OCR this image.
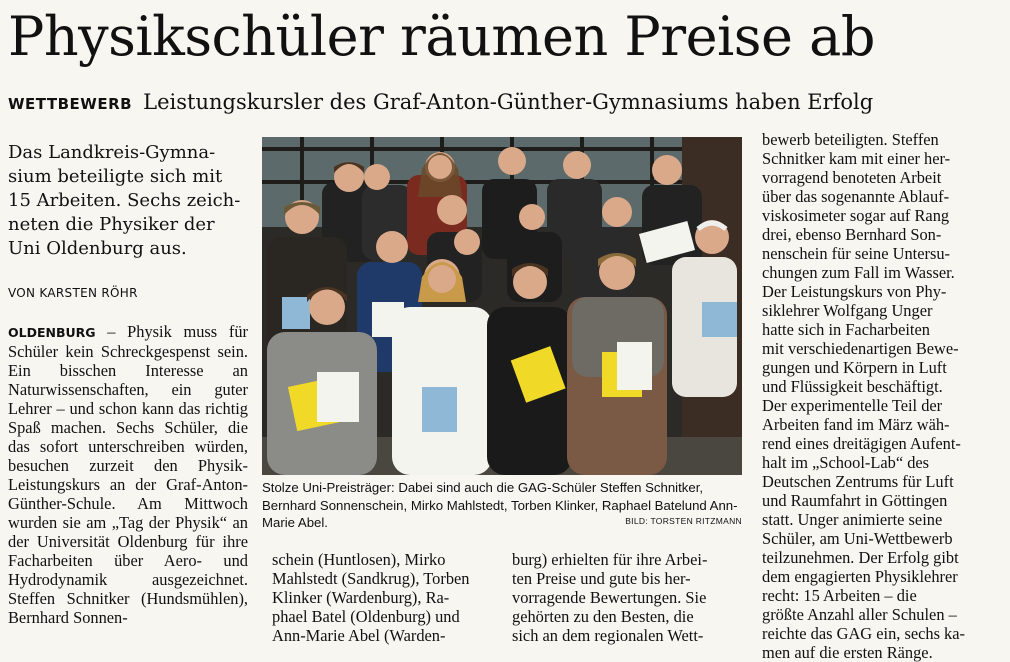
Physikschüler räumen Preise ab
WETTBEWERB Leistungskursler des Graf-Anton-Günther-Gymnasiums haben Erfolg
Das Landkreis-Gymna-
sium beteiligte sich mit
15 Arbeiten. Sechs zeich-
neten die Physiker der
Uni Oldenburg aus.
VON KARSTEN RÖHR
OLDENBURG – Physik muss für Schüler kein Schreckgespenst sein. Ein bisschen Interesse an Naturwissenschaften, ein guter Lehrer – und schon kann das richtig Spaß machen. Sechs Schüler, die das sofort unterschreiben würden, besuchen zurzeit den Physik-Leistungskurs an der Graf-Anton-Günther-Schule. Am Mittwoch wurden sie am „Tag der Physik“ an der Universität Oldenburg für ihre Facharbeiten über Aero- und Hydrodynamik ausgezeichnet. Steffen Schnitker (Hundsmühlen), Bernhard Sonnen-
Stolze Uni-Preisträger: Dabei sind auch die GAG-Schüler Steffen Schnitker, Bernhard Sonnenschein, Mirko Mahlstedt, Torben Klinker, Raphael Batelund Ann-Marie Abel.	BILD: TORSTEN RITZMANN
schein (Huntlosen), Mirko
Mahlstedt (Sandkrug), Torben
Klinker (Wardenburg), Ra-
phael Batel (Oldenburg) und
Ann-Marie Abel (Warden-
burg) erhielten für ihre Arbei-
ten Preise und gute bis her-
vorragende Bewertungen. Sie
gehörten zu den Besten, die
sich an dem regionalen Wett-
bewerb beteiligten. Steffen
Schnitker kam mit einer her-
vorragend benoteten Arbeit
über das sogenannte Ablauf-
viskosimeter sogar auf Rang
drei, ebenso Bernhard Son-
nenschein für seine Untersu-
chungen zum Fall im Wasser.
Der Leistungskurs von Phy-
siklehrer Wolfgang Unger
hatte sich in Facharbeiten
mit verschiedenartigen Bewe-
gungen und Körpern in Luft
und Flüssigkeit beschäftigt.
Der experimentelle Teil der
Arbeiten fand im März wäh-
rend eines dreitägigen Aufent-
halt im „School-Lab“ des
Deutschen Zentrums für Luft
und Raumfahrt in Göttingen
statt. Unger animierte seine
Schüler, am Uni-Wettbewerb
teilzunehmen. Der Erfolg gibt
dem engagierten Physiklehrer
recht: 15 Arbeiten – die
größte Anzahl aller Schulen –
reichte das GAG ein, sechs ka-
men auf die ersten Ränge.
